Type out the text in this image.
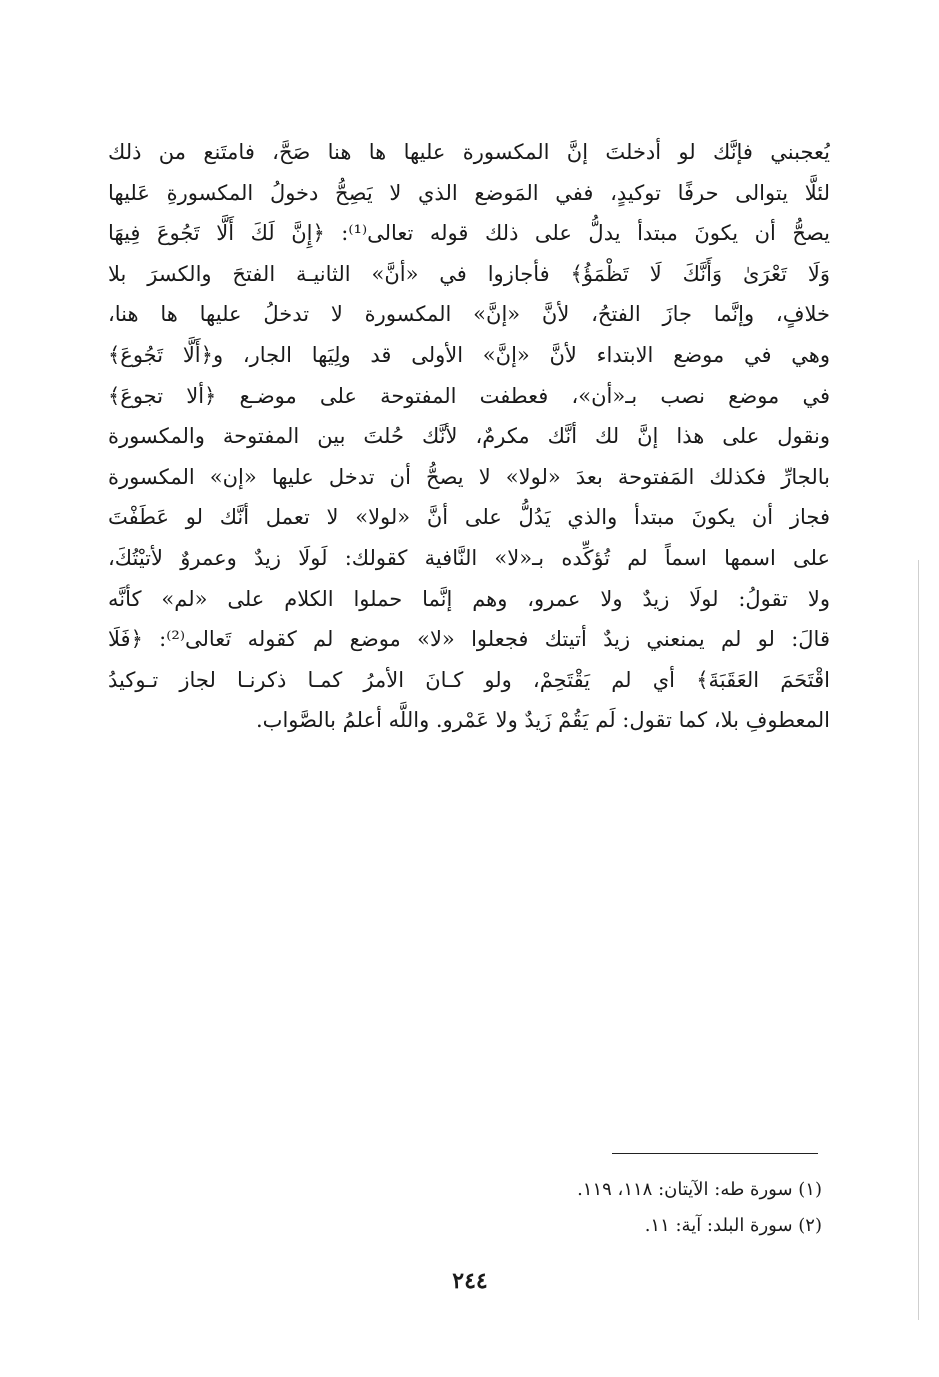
يُعجبني فإنَّك لو أدخلتَ إنَّ المكسورة عليها ها هنا صَحَّ، فامتَنع من ذلك
لئلَّا يتوالى حرفًا توكيدٍ، ففي المَوضع الذي لا يَصِحُّ دخولُ المكسورةِ عَليها
يصحُّ أن يكونَ مبتدأ يدلُّ على ذلك قوله تعالى⁽¹⁾: ﴿إِنَّ لَكَ أَلَّا تَجُوعَ فِيهَا
وَلَا تَعْرَىٰ وَأَنَّكَ لَا تَظْمَؤُ﴾ فأجازوا في «أنَّ» الثانيـة الفتحَ والكسرَ بلا
خلافٍ، وإنَّما جازَ الفتحُ، لأنَّ «إنَّ» المكسورة لا تدخلُ عليها ها هنا،
وهي في موضع الابتداء لأنَّ «إنَّ» الأولى قد ولِيَها الجار، و﴿أَلَّا تَجُوعَ﴾
في موضع نصب بـ«أن»، فعطفت المفتوحة على موضـع ﴿ألا تجوعَ﴾
ونقول على هذا إنَّ لك أنَّك مكرمٌ، لأنَّك حُلتَ بين المفتوحة والمكسورة
بالجارِّ فكذلك المَفتوحة بعدَ «لولا» لا يصحُّ أن تدخل عليها «إن» المكسورة
فجاز أن يكونَ مبتدأ والذي يَدُلُّ على أنَّ «لولا» لا تعمل أنَّك لو عَطَفْتَ
على اسمها اسماً لم تُؤكِّده بـ«لا» النَّافية كقولك: لَولَا زيدٌ وعمروٌ لأتيْتُكَ،
ولا تقولُ: لولَا زيدٌ ولا عمرو، وهم إنَّما حملوا الكلام على «لم» كأنَّه
قالَ: لو لم يمنعني زيدٌ أتيتك فجعلوا «لا» موضع لم كقوله تَعالى⁽²⁾: ﴿فَلَا
اقْتَحَمَ العَقَبَةَ﴾ أي لم يَقْتَحِمْ، ولو كـانَ الأمرُ كمـا ذكرنـا لجاز تـوكيدُ
المعطوفِ بلا، كما تقول: لَم يَقُمْ زَيدٌ ولا عَمْرو. واللَّه أعلمُ بالصَّواب.
(١) سورة طه: الآيتان: ١١٨، ١١٩.
(٢) سورة البلد: آية: ١١.
٢٤٤
